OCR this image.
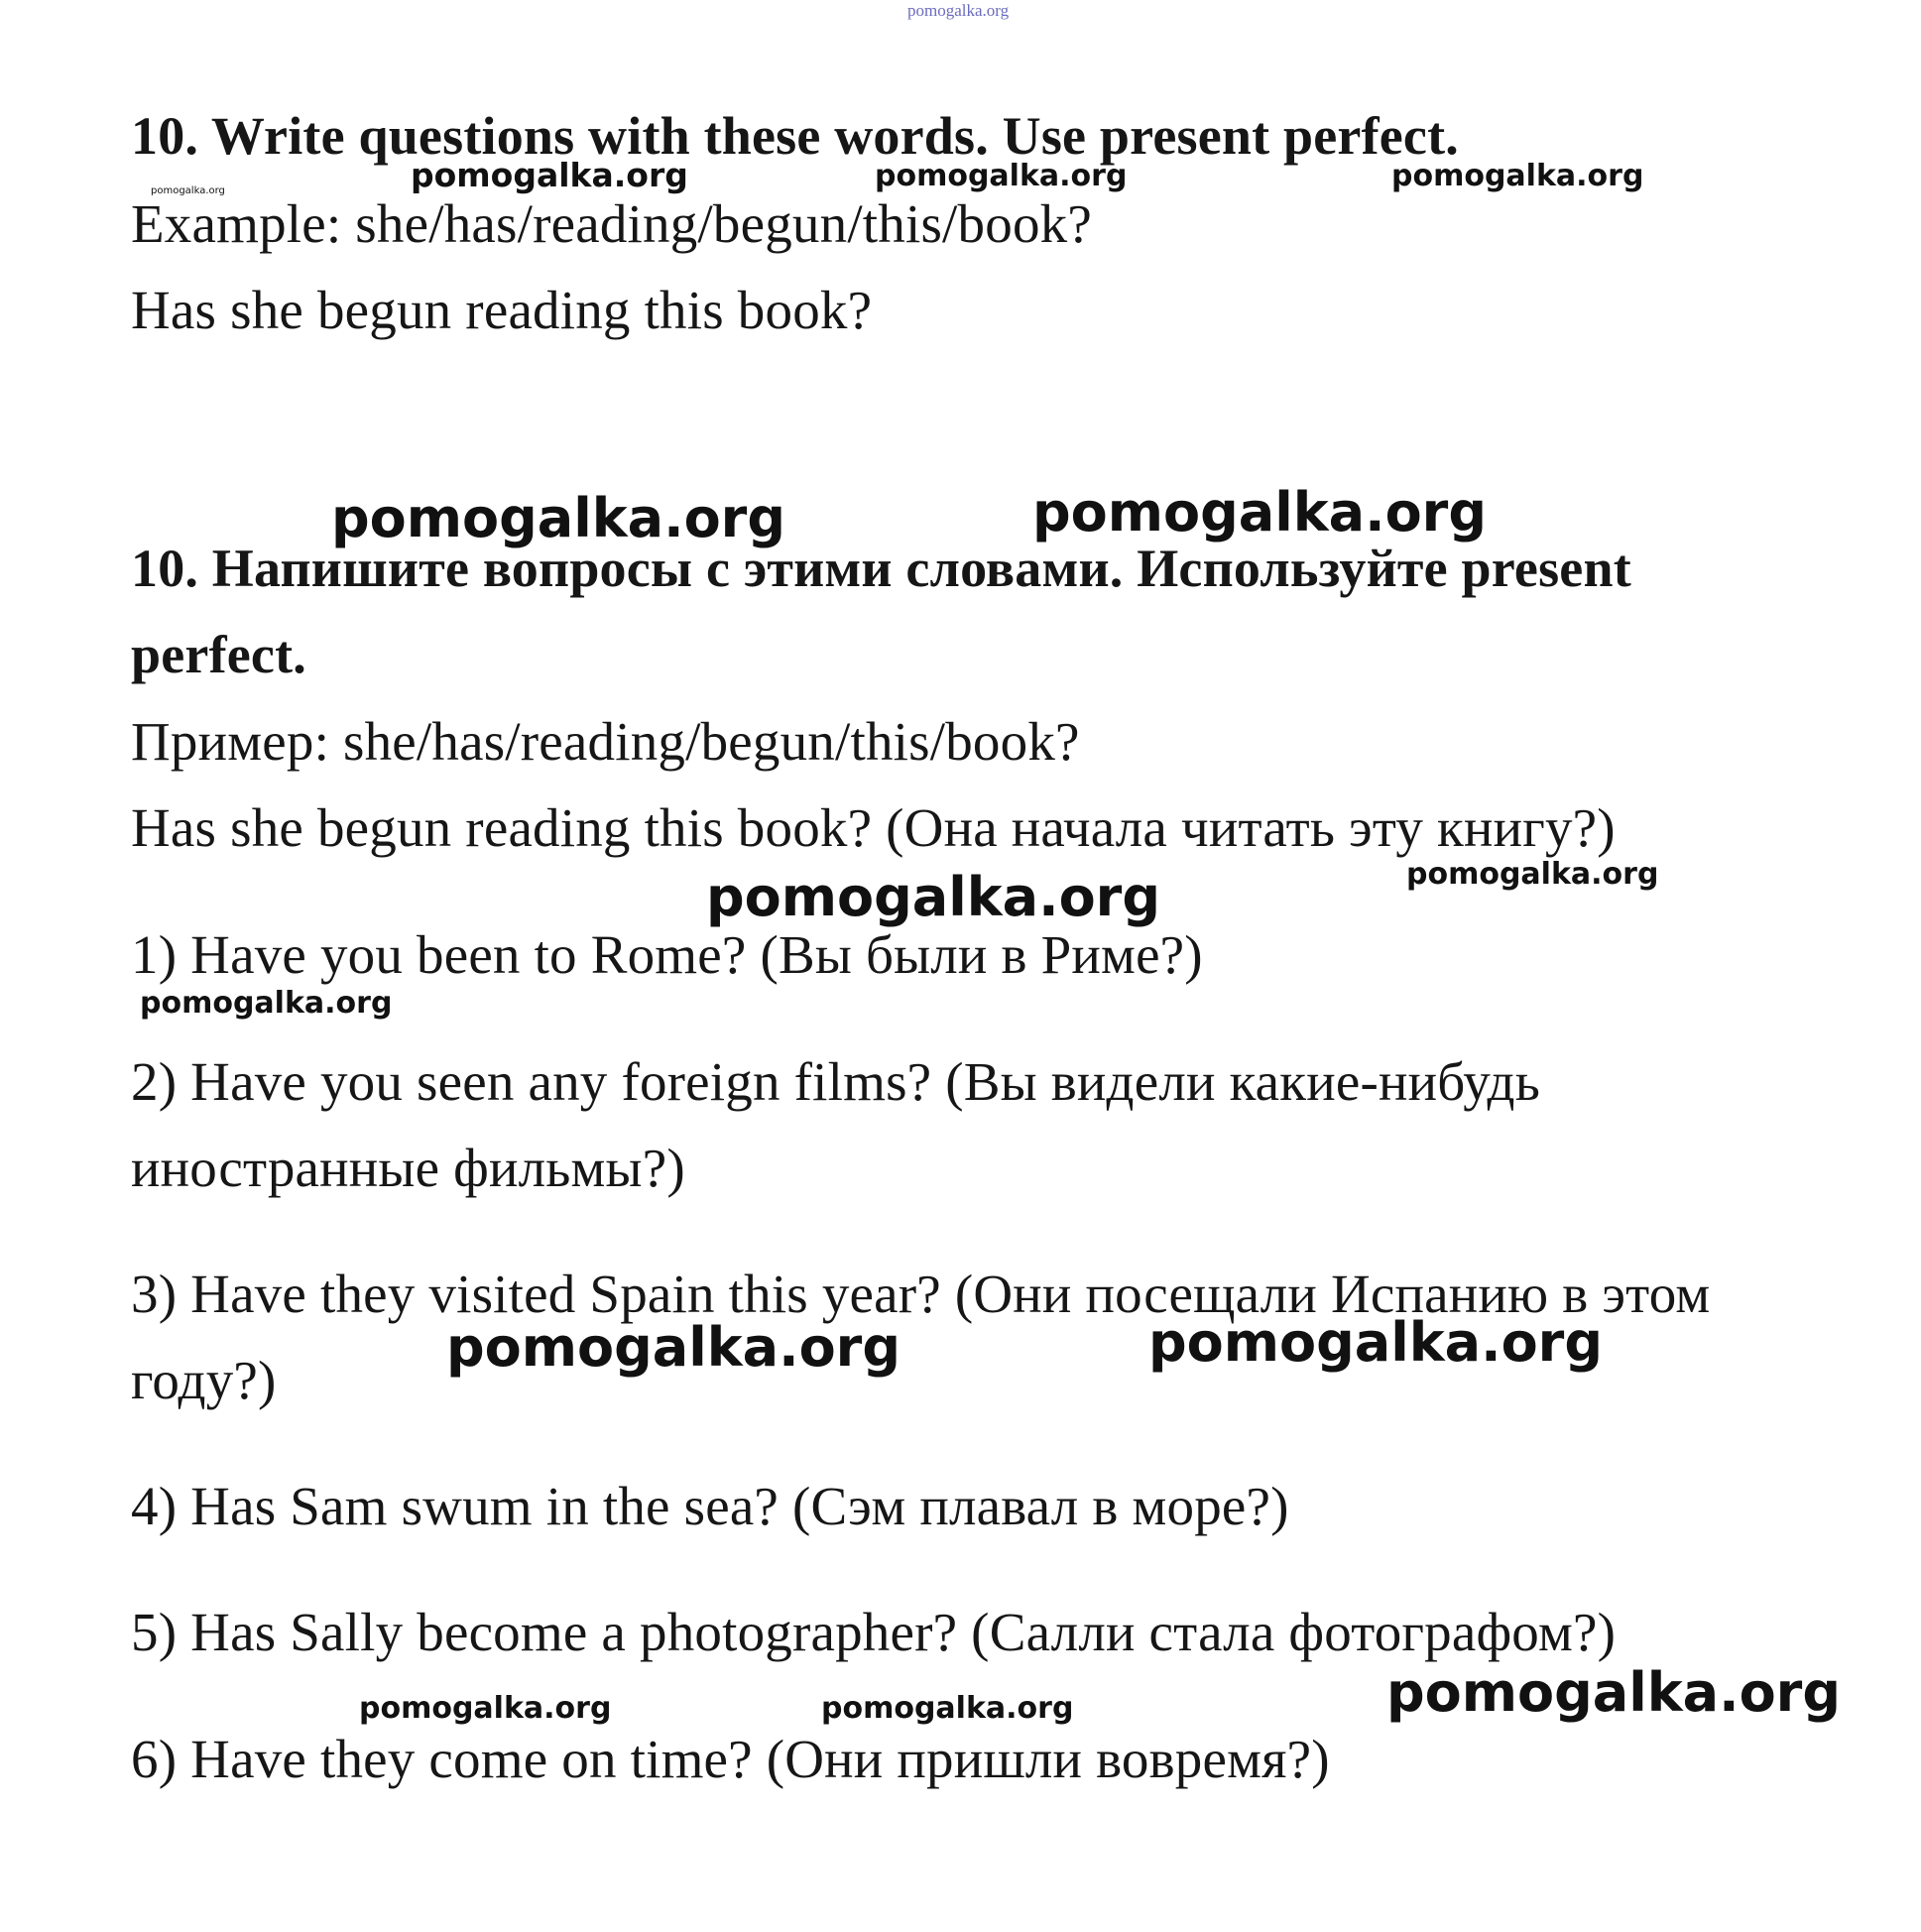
pomogalka.org
pomogalka.org	pomogalka.org	pomogalka.org	pomogalka.org
pomogalka.org	pomogalka.org
pomogalka.org	pomogalka.org
pomogalka.org
pomogalka.org	pomogalka.org
pomogalka.org	pomogalka.org	pomogalka.org
10. Write questions with these words. Use present perfect.
Example: she/has/reading/begun/this/book?
Has she begun reading this book?
10. Напишите вопросы с этими словами. Используйте present
perfect.
Пример: she/has/reading/begun/this/book?
Has she begun reading this book? (Она начала читать эту книгу?)
1) Have you been to Rome? (Вы были в Риме?)
2) Have you seen any foreign films? (Вы видели какие-нибудь
иностранные фильмы?)
3) Have they visited Spain this year? (Они посещали Испанию в этом
году?)
4) Has Sam swum in the sea? (Сэм плавал в море?)
5) Has Sally become a photographer? (Салли стала фотографом?)
6) Have they come on time? (Они пришли вовремя?)
